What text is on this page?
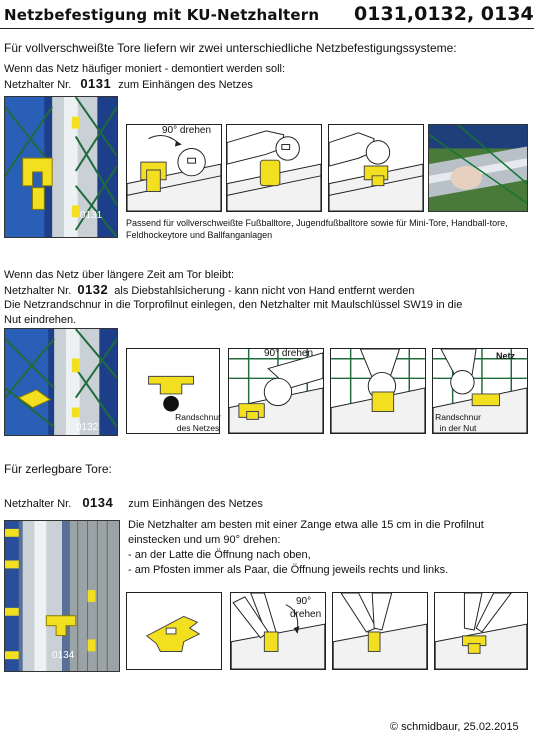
Netzbefestigung mit KU-Netzhaltern 0131,0132, 0134
Für vollverschweißte Tore liefern wir zwei unterschiedliche Netzbefestigungssysteme:
Wenn das Netz häufiger moniert - demontiert werden soll:
Netzhalter Nr. 0131 zum Einhängen des Netzes
0131
90° drehen
Passend für vollverschweißte Fußballtore, Jugendfußballtore sowie für Mini-Tore, Handball-tore, Feldhockeytore und Ballfanganlagen
Wenn das Netz über längere Zeit am Tor bleibt:
Netzhalter Nr. 0132 als Diebstahlsicherung - kann nicht von Hand entfernt werden
Die Netzrandschnur in die Torprofilnut einlegen, den Netzhalter mit Maulschlüssel SW19 in die
Nut eindrehen.
0132
Randschnur des Netzes
90° drehen	Netz
Randschnur in der Nut
Für zerlegbare Tore:
Netzhalter Nr. 0134 zum Einhängen des Netzes
0134
Die Netzhalter am besten mit einer Zange etwa alle 15 cm in die Profilnut
einstecken und um 90° drehen:
- an der Latte die Öffnung nach oben,
- am Pfosten immer als Paar, die Öffnung jeweils rechts und links.
90°
drehen
© schmidbaur, 25.02.2015
